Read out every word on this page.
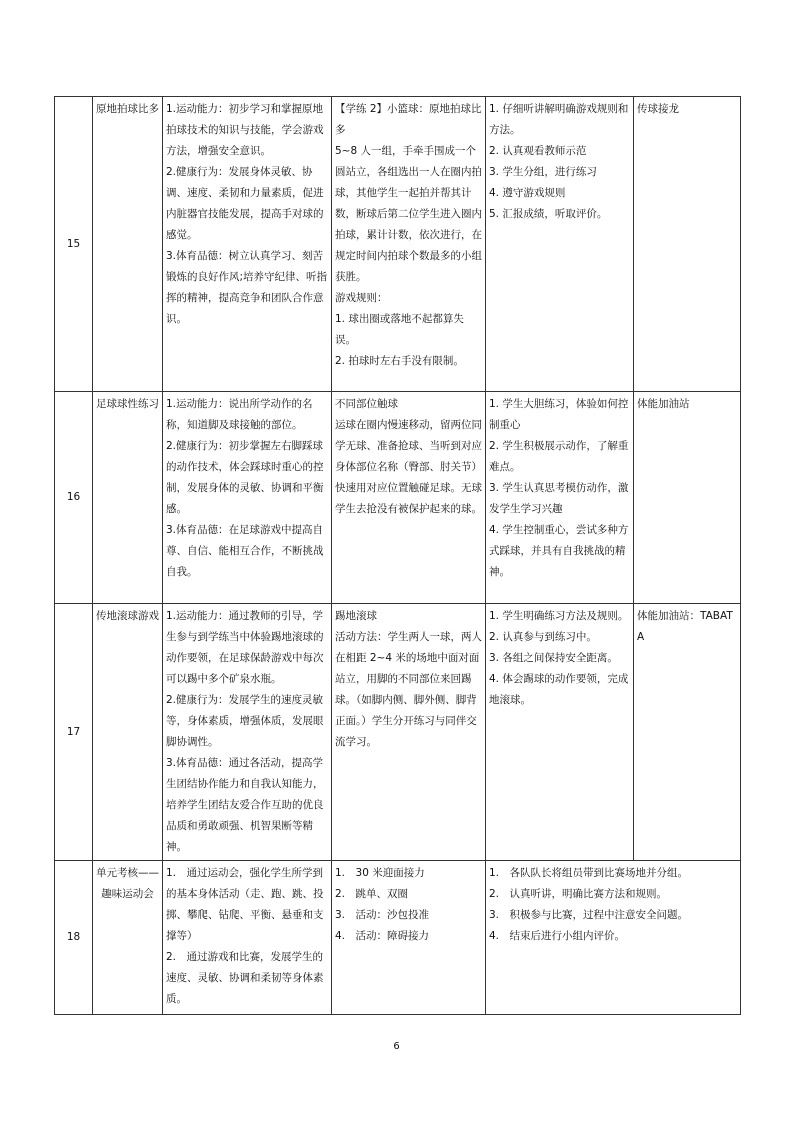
15	原地拍球比多	1.运动能力：初步学习和掌握原地拍球技术的知识与技能，学会游戏方法，增强安全意识。
2.健康行为：发展身体灵敏、协调、速度、柔韧和力量素质，促进内脏器官技能发展，提高手对球的感觉。
3.体育品德：树立认真学习、刻苦锻炼的良好作风;培养守纪律、听指挥的精神，提高竞争和团队合作意识。	【学练 2】小篮球：原地拍球比多
5~8 人一组，手牵手围成一个圆站立，各组选出一人在圈内拍球，其他学生一起拍并帮其计数，断球后第二位学生进入圈内拍球，累计计数，依次进行，在规定时间内拍球个数最多的小组获胜。
游戏规则：
1. 球出圈或落地不起都算失误。
2. 拍球时左右手没有限制。	1. 仔细听讲解明确游戏规则和方法。
2. 认真观看教师示范
3. 学生分组，进行练习
4. 遵守游戏规则
5. 汇报成绩，听取评价。	传球接龙
16	足球球性练习	1.运动能力：说出所学动作的名称，知道脚及球接触的部位。
2.健康行为：初步掌握左右脚踩球的动作技术，体会踩球时重心的控制，发展身体的灵敏、协调和平衡感。
3.体育品德：在足球游戏中提高自尊、自信、能相互合作，不断挑战自我。	不同部位触球
运球在圈内慢速移动，留两位同学无球、准备抢球、当听到对应身体部位名称（臀部、肘关节）快速用对应位置触碰足球。无球学生去抢没有被保护起来的球。	1. 学生大胆练习，体验如何控制重心
2. 学生积极展示动作，了解重难点。
3. 学生认真思考模仿动作，激发学生学习兴趣
4. 学生控制重心，尝试多种方式踩球，并具有自我挑战的精神。	体能加油站
17	传地滚球游戏	1.运动能力：通过教师的引导，学生参与到学练当中体验踢地滚球的动作要领，在足球保龄游戏中每次可以踢中多个矿泉水瓶。
2.健康行为：发展学生的速度灵敏等，身体素质，增强体质，发展眼脚协调性。
3.体育品德：通过各活动，提高学生团结协作能力和自我认知能力，培养学生团结友爱合作互助的优良品质和勇敢顽强、机智果断等精神。	踢地滚球
活动方法：学生两人一球，两人在相距 2~4 米的场地中面对面站立，用脚的不同部位来回踢球。（如脚内侧、脚外侧、脚背正面。）学生分开练习与同伴交流学习。	1. 学生明确练习方法及规则。
2. 认真参与到练习中。
3. 各组之间保持安全距离。
4. 体会踢球的动作要领，完成地滚球。	体能加油站：TABATA
18	单元考核——趣味运动会	1.　通过运动会，强化学生所学到的基本身体活动（走、跑、跳、投掷、攀爬、钻爬、平衡、悬垂和支撑等）
2.　通过游戏和比赛，发展学生的速度、灵敏、协调和柔韧等身体素质。	1.　30 米迎面接力
2.　跳单、双圈
3.　活动：沙包投准
4.　活动：障碍接力	1.　各队队长将组员带到比赛场地并分组。
2.　认真听讲，明确比赛方法和规则。
3.　积极参与比赛，过程中注意安全问题。
4.　结束后进行小组内评价。	
6
